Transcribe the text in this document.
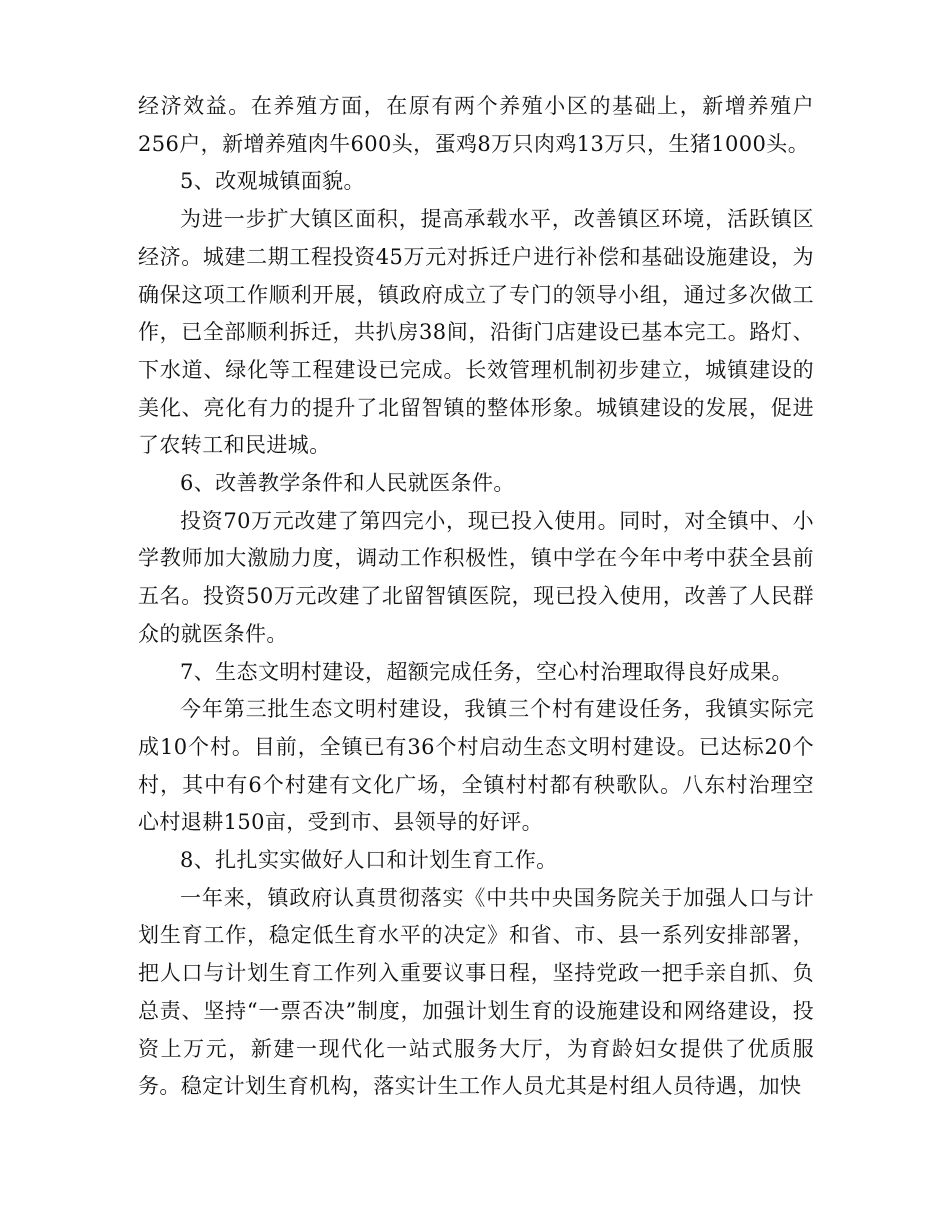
经济效益。在养殖方面，在原有两个养殖小区的基础上，新增养殖户256户，新增养殖肉牛600头，蛋鸡8万只肉鸡13万只，生猪1000头。

5、改观城镇面貌。

为进一步扩大镇区面积，提高承载水平，改善镇区环境，活跃镇区经济。城建二期工程投资45万元对拆迁户进行补偿和基础设施建设，为确保这项工作顺利开展，镇政府成立了专门的领导小组，通过多次做工作，已全部顺利拆迁，共扒房38间，沿街门店建设已基本完工。路灯、下水道、绿化等工程建设已完成。长效管理机制初步建立，城镇建设的美化、亮化有力的提升了北留智镇的整体形象。城镇建设的发展，促进了农转工和民进城。

6、改善教学条件和人民就医条件。

投资70万元改建了第四完小，现已投入使用。同时，对全镇中、小学教师加大激励力度，调动工作积极性，镇中学在今年中考中获全县前五名。投资50万元改建了北留智镇医院，现已投入使用，改善了人民群众的就医条件。

7、生态文明村建设，超额完成任务，空心村治理取得良好成果。

今年第三批生态文明村建设，我镇三个村有建设任务，我镇实际完成10个村。目前，全镇已有36个村启动生态文明村建设。已达标20个村，其中有6个村建有文化广场，全镇村村都有秧歌队。八东村治理空心村退耕150亩，受到市、县领导的好评。

8、扎扎实实做好人口和计划生育工作。

一年来，镇政府认真贯彻落实《中共中央国务院关于加强人口与计划生育工作，稳定低生育水平的决定》和省、市、县一系列安排部署，把人口与计划生育工作列入重要议事日程，坚持党政一把手亲自抓、负总责、坚持“一票否决”制度，加强计划生育的设施建设和网络建设，投资上万元，新建一现代化一站式服务大厅，为育龄妇女提供了优质服务。稳定计划生育机构，落实计生工作人员尤其是村组人员待遇，加快
